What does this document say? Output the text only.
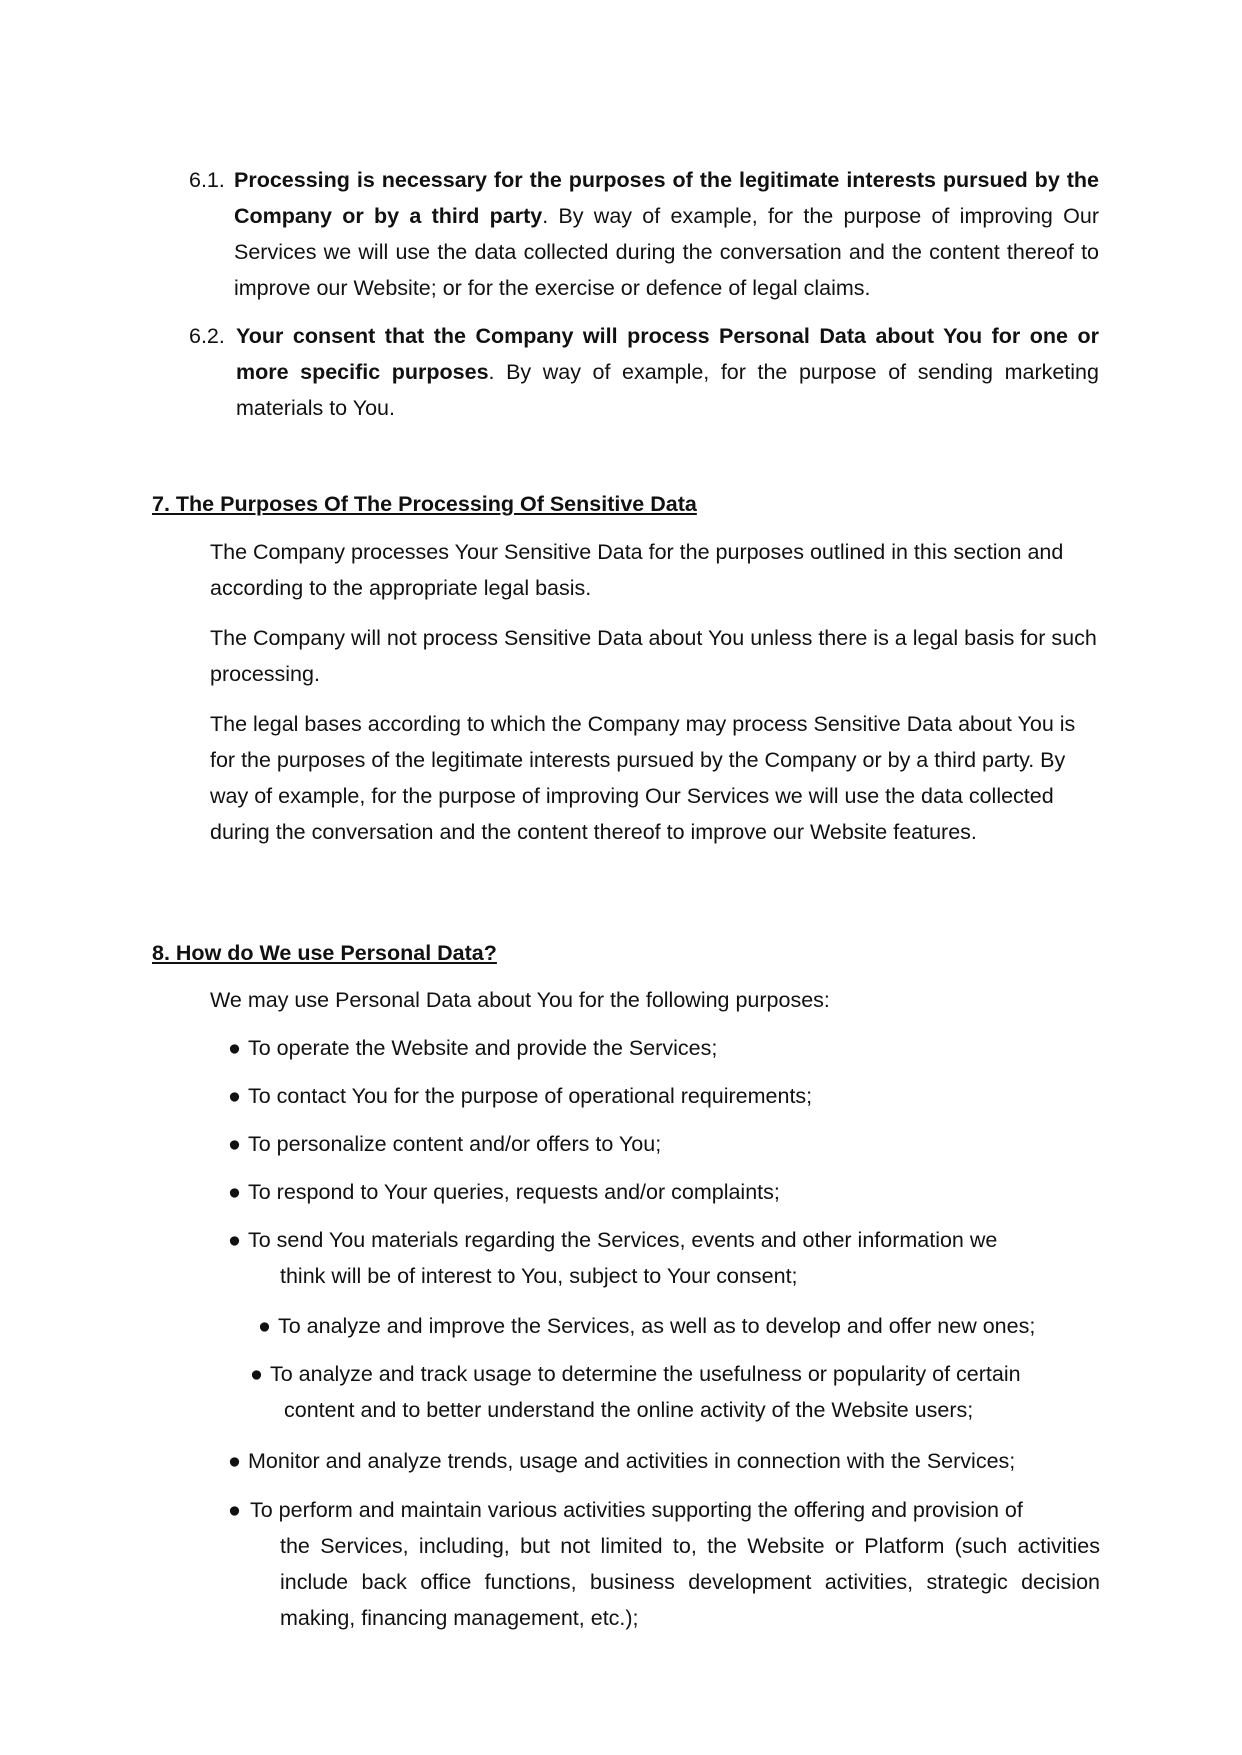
6.1. Processing is necessary for the purposes of the legitimate interests pursued by the Company or by a third party. By way of example, for the purpose of improving Our Services we will use the data collected during the conversation and the content thereof to improve our Website; or for the exercise or defence of legal claims.
6.2. Your consent that the Company will process Personal Data about You for one or more specific purposes. By way of example, for the purpose of sending marketing materials to You.
7. The Purposes Of The Processing Of Sensitive Data
The Company processes Your Sensitive Data for the purposes outlined in this section and according to the appropriate legal basis.
The Company will not process Sensitive Data about You unless there is a legal basis for such processing.
The legal bases according to which the Company may process Sensitive Data about You is for the purposes of the legitimate interests pursued by the Company or by a third party. By way of example, for the purpose of improving Our Services we will use the data collected during the conversation and the content thereof to improve our Website features.
8. How do We use Personal Data?
We may use Personal Data about You for the following purposes:
● To operate the Website and provide the Services;
● To contact You for the purpose of operational requirements;
● To personalize content and/or offers to You;
● To respond to Your queries, requests and/or complaints;
● To send You materials regarding the Services, events and other information we
think will be of interest to You, subject to Your consent;
● To analyze and improve the Services, as well as to develop and offer new ones;
● To analyze and track usage to determine the usefulness or popularity of certain
content and to better understand the online activity of the Website users;
● Monitor and analyze trends, usage and activities in connection with the Services;
● To perform and maintain various activities supporting the offering and provision of
the Services, including, but not limited to, the Website or Platform (such activities include back office functions, business development activities, strategic decision making, financing management, etc.);
